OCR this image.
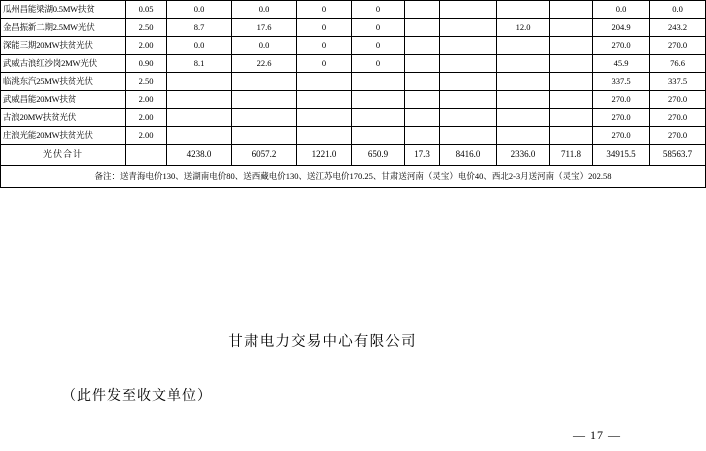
瓜州昌能梁湖0.5MW扶贫	0.05	0.0	0.0	0	0					0.0	0.0
金昌振新二期2.5MW光伏	2.50	8.7	17.6	0	0			12.0		204.9	243.2
深能三期20MW扶贫光伏	2.00	0.0	0.0	0	0					270.0	270.0
武威古浪红沙岗2MW光伏	0.90	8.1	22.6	0	0					45.9	76.6
临洮东汽25MW扶贫光伏	2.50									337.5	337.5
武威昌能20MW扶贫	2.00									270.0	270.0
古浪20MW扶贫光伏	2.00									270.0	270.0
庄浪光能20MW扶贫光伏	2.00									270.0	270.0
光伏合计		4238.0	6057.2	1221.0	650.9	17.3	8416.0	2336.0	711.8	34915.5	58563.7
备注：送青海电价130、送湖南电价80、送西藏电价130、送江苏电价170.25、甘肃送河南（灵宝）电价40、西北2-3月送河南（灵宝）202.58											
甘肃电力交易中心有限公司
（此件发至收文单位）
— 17 —
